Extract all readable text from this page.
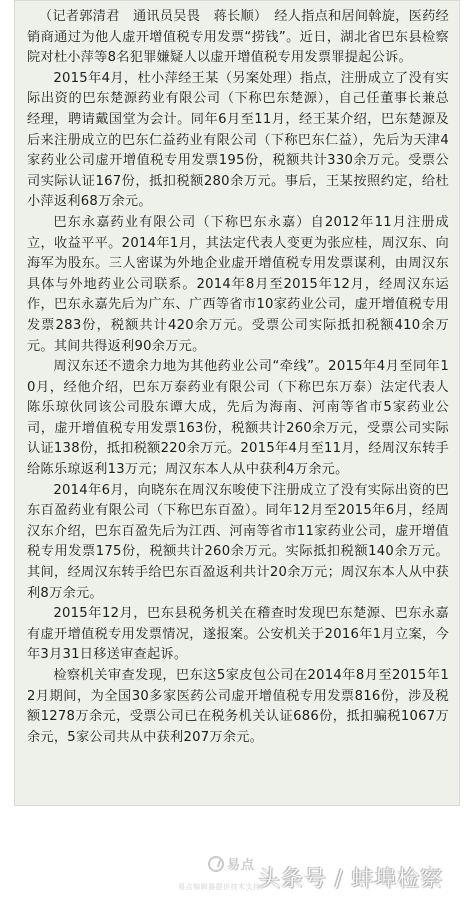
（记者郭清君　通讯员吴畏　蒋长顺）　经人指点和居间斡旋，医药经销商通过为他人虚开增值税专用发票“捞钱”。近日，湖北省巴东县检察院对杜小萍等8名犯罪嫌疑人以虚开增值税专用发票罪提起公诉。

2015年4月，杜小萍经王某（另案处理）指点，注册成立了没有实际出资的巴东楚源药业有限公司（下称巴东楚源），自己任董事长兼总经理，聘请戴国堂为会计。同年6月至11月，经王某介绍，巴东楚源及后来注册成立的巴东仁益药业有限公司（下称巴东仁益），先后为天津4家药业公司虚开增值税专用发票195份，税额共计330余万元。受票公司实际认证167份，抵扣税额280余万元。事后，王某按照约定，给杜小萍返利68万余元。

巴东永嘉药业有限公司（下称巴东永嘉）自2012年11月注册成立，收益平平。2014年1月，其法定代表人变更为张应桂，周汉东、向海军为股东。三人密谋为外地企业虚开增值税专用发票谋利，由周汉东具体与外地药业公司联系。2014年8月至2015年12月，经周汉东运作，巴东永嘉先后为广东、广西等省市10家药业公司，虚开增值税专用发票283份，税额共计420余万元。受票公司实际抵扣税额410余万元。其间共得返利90余万元。

周汉东还不遗余力地为其他药业公司“牵线”。2015年4月至同年10月，经他介绍，巴东万泰药业有限公司（下称巴东万泰）法定代表人陈乐琼伙同该公司股东谭大成，先后为海南、河南等省市5家药业公司，虚开增值税专用发票163份，税额共计260余万元，受票公司实际认证138份，抵扣税额220余万元。2015年4月至11月，经周汉东转手给陈乐琼返利13万元；周汉东本人从中获利4万余元。

2014年6月，向晓东在周汉东唆使下注册成立了没有实际出资的巴东百盈药业有限公司（下称巴东百盈）。同年12月至2015年6月，经周汉东介绍，巴东百盈先后为江西、河南等省市11家药业公司，虚开增值税专用发票175份，税额共计260余万元。实际抵扣税额140余万元。其间，经周汉东转手给巴东百盈返利共计20余万元；周汉东本人从中获利8万余元。

2015年12月，巴东县税务机关在稽查时发现巴东楚源、巴东永嘉有虚开增值税专用发票情况，遂报案。公安机关于2016年1月立案，今年3月31日移送审查起诉。

检察机关审查发现，巴东这5家皮包公司在2014年8月至2015年12月期间，为全国30多家医药公司虚开增值税专用发票816份，涉及税额1278万余元，受票公司已在税务机关认证686份，抵扣骗税1067万余元，5家公司共从中获利207万余元。

易点
易点编辑器提供技术支持
头条号 / 蚌埠检察
